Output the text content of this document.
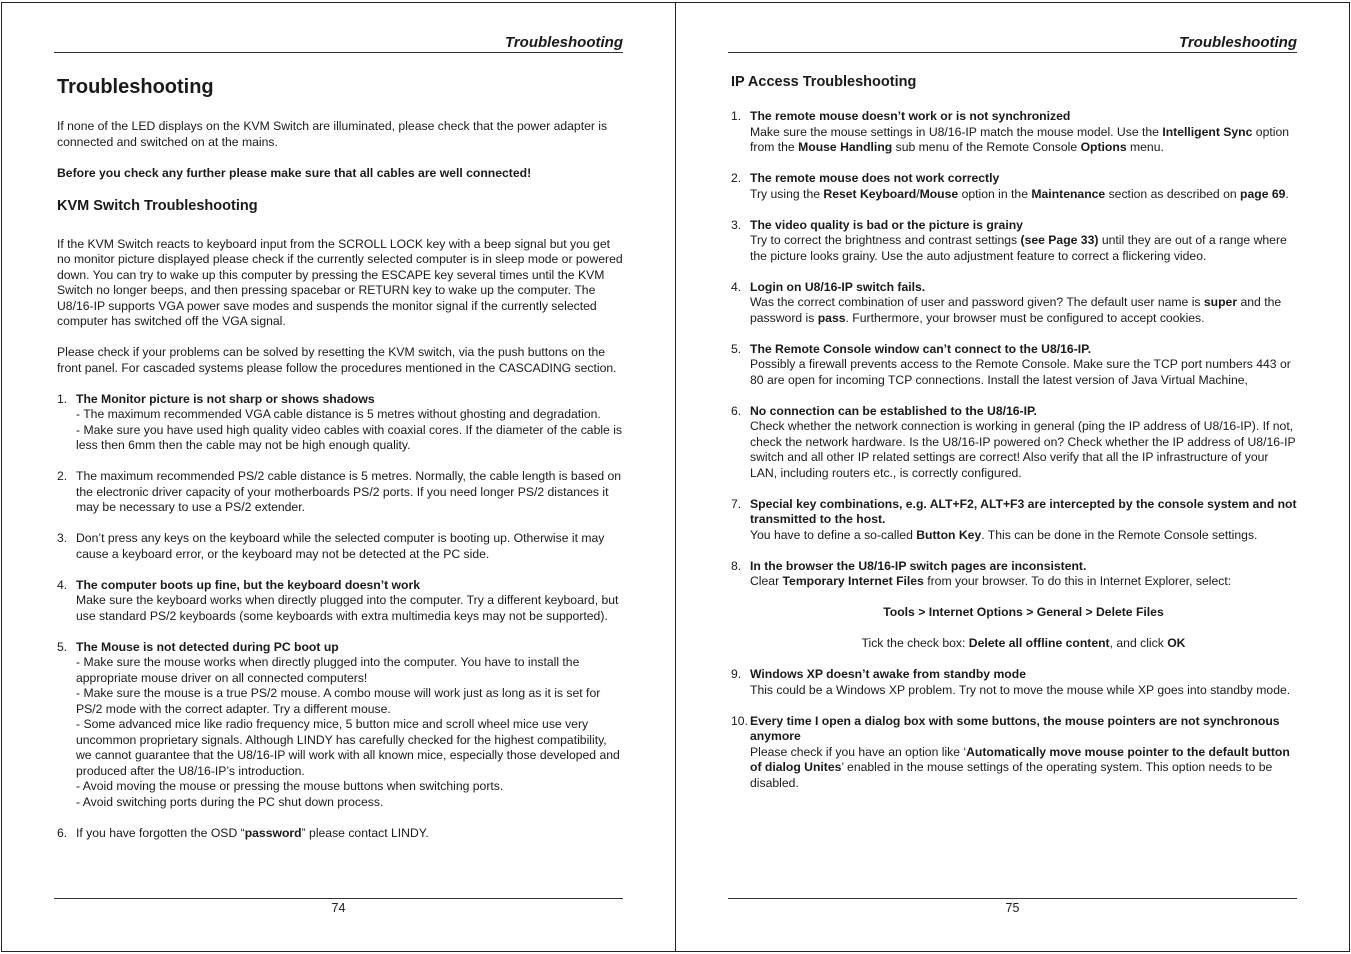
Troubleshooting
Troubleshooting

If none of the LED displays on the KVM Switch are illuminated, please check that the power adapter is connected and switched on at the mains.

Before you check any further please make sure that all cables are well connected!

KVM Switch Troubleshooting

If the KVM Switch reacts to keyboard input from the SCROLL LOCK key with a beep signal but you get no monitor picture displayed please check if the currently selected computer is in sleep mode or powered down. You can try to wake up this computer by pressing the ESCAPE key several times until the KVM Switch no longer beeps, and then pressing spacebar or RETURN key to wake up the computer. The U8/16-IP supports VGA power save modes and suspends the monitor signal if the currently selected computer has switched off the VGA signal.

Please check if your problems can be solved by resetting the KVM switch, via the push buttons on the front panel. For cascaded systems please follow the procedures mentioned in the CASCADING section.

1. The Monitor picture is not sharp or shows shadows
- The maximum recommended VGA cable distance is 5 metres without ghosting and degradation.
- Make sure you have used high quality video cables with coaxial cores. If the diameter of the cable is less then 6mm then the cable may not be high enough quality.
2. The maximum recommended PS/2 cable distance is 5 metres. Normally, the cable length is based on the electronic driver capacity of your motherboards PS/2 ports. If you need longer PS/2 distances it may be necessary to use a PS/2 extender.
3. Don’t press any keys on the keyboard while the selected computer is booting up. Otherwise it may cause a keyboard error, or the keyboard may not be detected at the PC side.
4. The computer boots up fine, but the keyboard doesn’t work
Make sure the keyboard works when directly plugged into the computer. Try a different keyboard, but use standard PS/2 keyboards (some keyboards with extra multimedia keys may not be supported).
5. The Mouse is not detected during PC boot up
- Make sure the mouse works when directly plugged into the computer. You have to install the appropriate mouse driver on all connected computers!
- Make sure the mouse is a true PS/2 mouse. A combo mouse will work just as long as it is set for PS/2 mode with the correct adapter. Try a different mouse.
- Some advanced mice like radio frequency mice, 5 button mice and scroll wheel mice use very uncommon proprietary signals. Although LINDY has carefully checked for the highest compatibility, we cannot guarantee that the U8/16-IP will work with all known mice, especially those developed and produced after the U8/16-IP’s introduction.
- Avoid moving the mouse or pressing the mouse buttons when switching ports.
- Avoid switching ports during the PC shut down process.
6. If you have forgotten the OSD “password” please contact LINDY.
74
Troubleshooting
IP Access Troubleshooting
1. The remote mouse doesn’t work or is not synchronized
Make sure the mouse settings in U8/16-IP match the mouse model. Use the Intelligent Sync option from the Mouse Handling sub menu of the Remote Console Options menu.
2. The remote mouse does not work correctly
Try using the Reset Keyboard/Mouse option in the Maintenance section as described on page 69.
3. The video quality is bad or the picture is grainy
Try to correct the brightness and contrast settings (see Page 33) until they are out of a range where the picture looks grainy. Use the auto adjustment feature to correct a flickering video.
4. Login on U8/16-IP switch fails.
Was the correct combination of user and password given? The default user name is super and the password is pass. Furthermore, your browser must be configured to accept cookies.
5. The Remote Console window can’t connect to the U8/16-IP.
Possibly a firewall prevents access to the Remote Console. Make sure the TCP port numbers 443 or 80 are open for incoming TCP connections. Install the latest version of Java Virtual Machine,
6. No connection can be established to the U8/16-IP.
Check whether the network connection is working in general (ping the IP address of U8/16-IP). If not, check the network hardware. Is the U8/16-IP powered on? Check whether the IP address of U8/16-IP switch and all other IP related settings are correct! Also verify that all the IP infrastructure of your LAN, including routers etc., is correctly configured.
7. Special key combinations, e.g. ALT+F2, ALT+F3 are intercepted by the console system and not transmitted to the host.
You have to define a so-called Button Key. This can be done in the Remote Console settings.
8. In the browser the U8/16-IP switch pages are inconsistent.
Clear Temporary Internet Files from your browser. To do this in Internet Explorer, select:
Tools > Internet Options > General > Delete Files
Tick the check box: Delete all offline content, and click OK
9. Windows XP doesn’t awake from standby mode
This could be a Windows XP problem. Try not to move the mouse while XP goes into standby mode.
10. Every time I open a dialog box with some buttons, the mouse pointers are not synchronous anymore
Please check if you have an option like ‘Automatically move mouse pointer to the default button of dialog Unites’ enabled in the mouse settings of the operating system. This option needs to be disabled.
75
